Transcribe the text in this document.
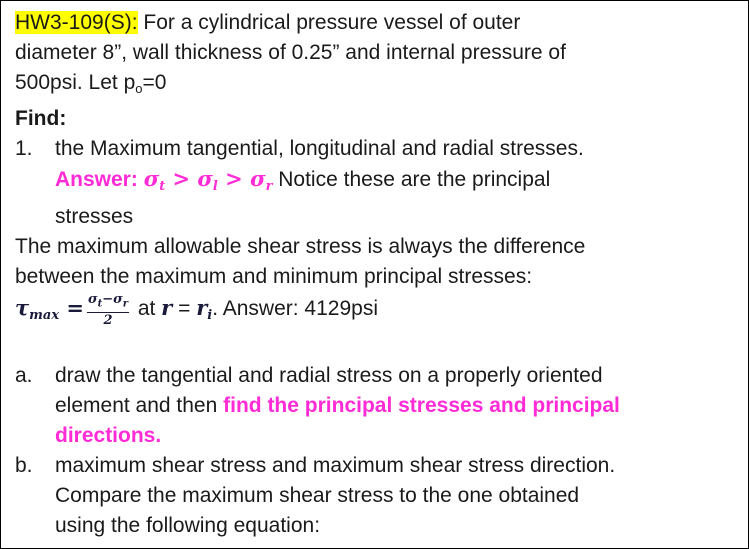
HW3-109(S): For a cylindrical pressure vessel of outer
diameter 8”, wall thickness of 0.25” and internal pressure of
500psi. Let $p_o=0$
Find:
1. the Maximum tangential, longitudinal and radial stresses.
Answer: $\sigma_t > \sigma_l > \sigma_r$ Notice these are the principal
stresses
The maximum allowable shear stress is always the difference
between the maximum and minimum principal stresses:
$\tau_{max} = \frac{\sigma_t-\sigma_r}{2}$ at $r = r_i$. Answer: 4129psi
a. draw the tangential and radial stress on a properly oriented
element and then find the principal stresses and principal
directions.
b. maximum shear stress and maximum shear stress direction.
Compare the maximum shear stress to the one obtained
using the following equation:
